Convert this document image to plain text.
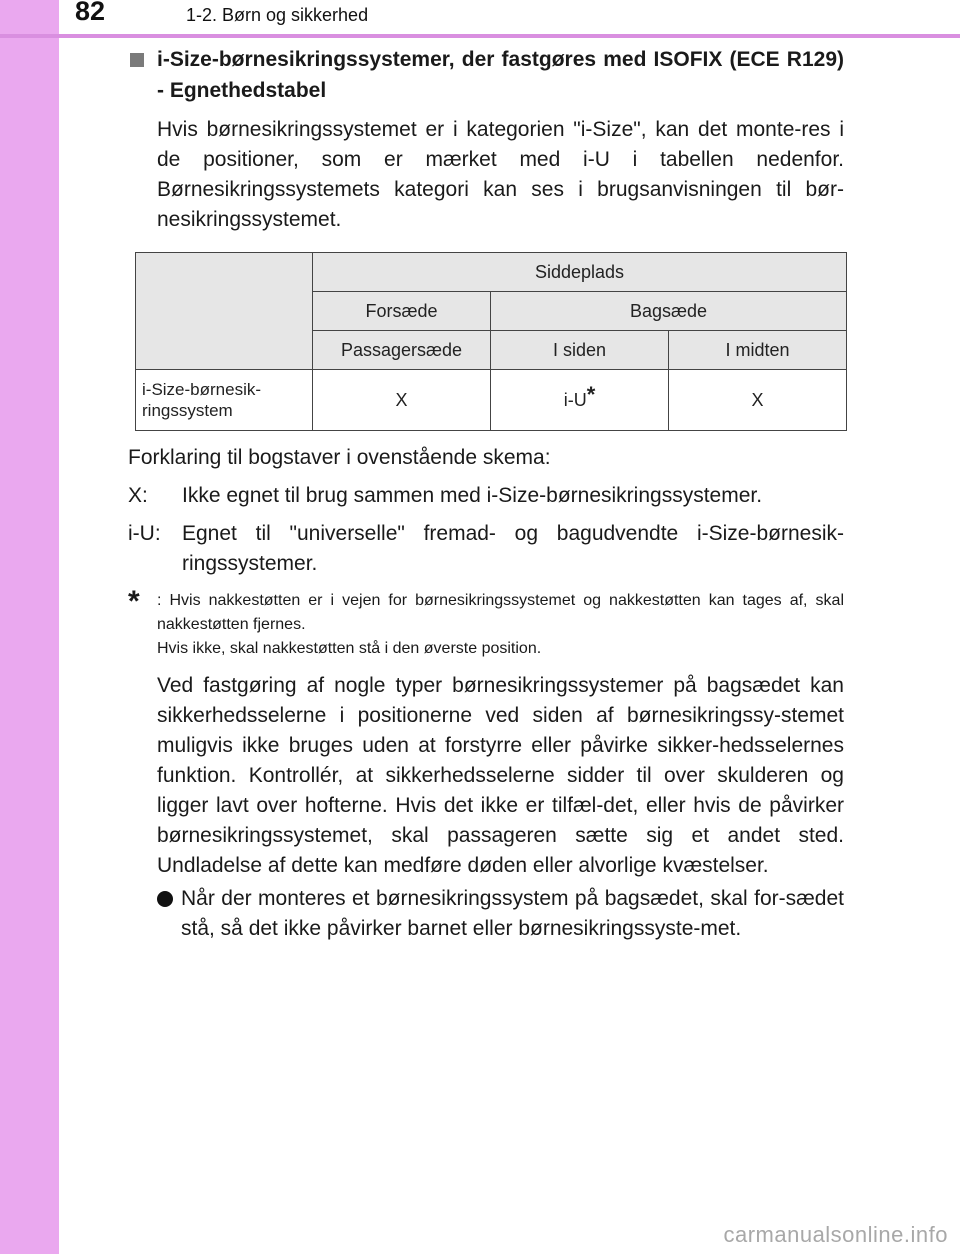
82	1-2. Børn og sikkerhed
i-Size-børnesikringssystemer, der fastgøres med ISOFIX (ECE R129) - Egnethedstabel

Hvis børnesikringssystemet er i kategorien "i-Size", kan det monte-res i de positioner, som er mærket med i-U i tabellen nedenfor. Børnesikringssystemets kategori kan ses i brugsanvisningen til bør-nesikringssystemet.

	Siddeplads		
	Forsæde	Bagsæde	
	Passagersæde	I siden	I midten
i-Size-børnesik-ringssystem	X	i-U*	X
Forklaring til bogstaver i ovenstående skema:
X:	Ikke egnet til brug sammen med i-Size-børnesikringssystemer.
i-U:	Egnet til "universelle" fremad- og bagudvendte i-Size-børnesik-ringssystemer.
*	: Hvis nakkestøtten er i vejen for børnesikringssystemet og nakkestøtten kan tages af, skal nakkestøtten fjernes.
Hvis ikke, skal nakkestøtten stå i den øverste position.

Ved fastgøring af nogle typer børnesikringssystemer på bagsædet kan sikkerhedsselerne i positionerne ved siden af børnesikringssy-stemet muligvis ikke bruges uden at forstyrre eller påvirke sikker-hedsselernes funktion. Kontrollér, at sikkerhedsselerne sidder til over skulderen og ligger lavt over hofterne. Hvis det ikke er tilfæl-det, eller hvis de påvirker børnesikringssystemet, skal passageren sætte sig et andet sted. Undladelse af dette kan medføre døden eller alvorlige kvæstelser.

Når der monteres et børnesikringssystem på bagsædet, skal for-sædet stå, så det ikke påvirker barnet eller børnesikringssyste-met.
carmanualsonline.info
